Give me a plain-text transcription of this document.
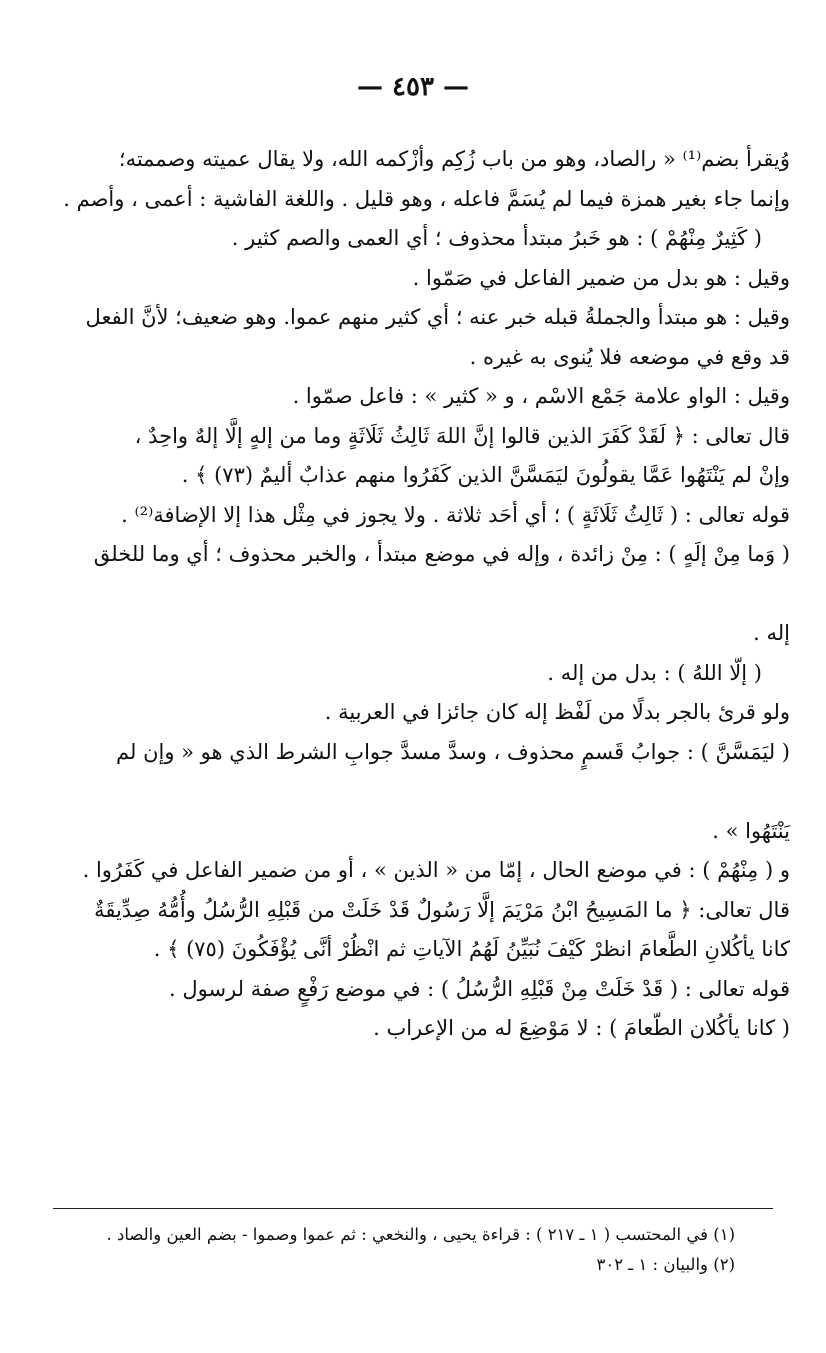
— ٤٥٣ —
وُيقرأ بضم⁽¹⁾ « رالصاد، وهو من باب زُكِم وأزْكمه الله، ولا يقال عميته وصممته؛
وإنما جاء بغير همزة فيما لم يُسَمَّ فاعله ، وهو قليل . واللغة الفاشية : أعمى ، وأصم .
( كَثِيرٌ مِنْهُمْ ) : هو خَبرُ مبتدأ محذوف ؛ أي العمى والصم كثير .
وقيل : هو بدل من ضمير الفاعل في صَمّوا .
وقيل : هو مبتدأ والجملةُ قبله خبر عنه ؛ أي كثير منهم عموا. وهو ضعيف؛ لأنَّ الفعل
قد وقع في موضعه فلا يُنوى به غيره .
وقيل : الواو علامة جَمْع الاسْم ، و « كثير » : فاعل صمّوا .
قال تعالى : ﴿ لَقَدْ كَفَرَ الذين قالوا إنَّ اللهَ ثَالِثُ ثَلَاثَةٍ وما من إلهٍ إلَّا إلهٌ واحِدٌ ،
وإنْ لم يَنْتَهُوا عَمَّا يقولُونَ ليَمَسَّنَّ الذين كَفَرُوا منهم عذابٌ أليمٌ (٧٣) ﴾ .
قوله تعالى : ( ثَالِثُ ثَلَاثَةٍ ) ؛ أي أحَد ثلاثة . ولا يجوز في مِثْل هذا إلا الإضافة⁽²⁾ .
( وَما مِنْ إلَهٍ ) : مِنْ زائدة ، وإله في موضع مبتدأ ، والخبر محذوف ؛ أي وما للخلق
إله .
( إلّا اللهُ ) : بدل من إله .
ولو قرئ بالجر بدلًا من لَفْظ إله كان جائزا في العربية .
( ليَمَسَّنَّ ) : جوابُ قَسمٍ محذوف ، وسدَّ مسدَّ جوابِ الشرط الذي هو « وإن لم
يَنْتَهُوا » .
و ( مِنْهُمْ ) : في موضع الحال ، إمّا من « الذين » ، أو من ضمير الفاعل في كَفَرُوا .
قال تعالى: ﴿ ما المَسِيحُ ابْنُ مَرْيَمَ إلَّا رَسُولٌ قَدْ خَلَتْ من قَبْلِهِ الرُّسُلُ وأُمُّهُ صِدِّيقَةٌ
كانا يأكُلانِ الطَّعامَ انظرْ كَيْفَ نُبَيِّنُ لَهُمُ الآياتِ ثم انْظُرْ أنَّى يُؤْفَكُونَ (٧٥) ﴾ .
قوله تعالى : ( قَدْ خَلَتْ مِنْ قَبْلِهِ الرُّسُلُ ) : في موضع رَفْعٍ صفة لرسول .
( كانا يأكُلان الطّعامَ ) : لا مَوْضِعَ له من الإعراب .
(١) في المحتسب ( ١ ـ ٢١٧ ) : قراءة يحيى ، والنخعي : ثم عموا وصموا - بضم العين والصاد .
(٢) والبيان : ١ ـ ٣٠٢
